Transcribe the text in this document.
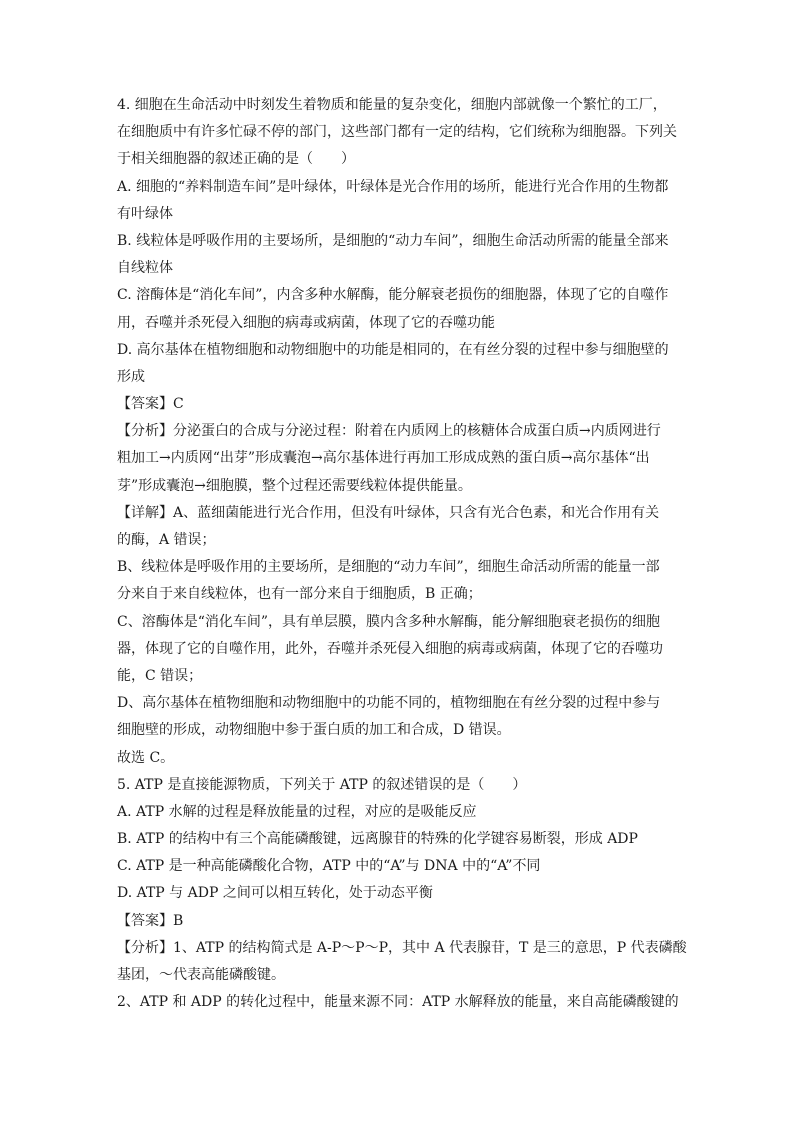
4. 细胞在生命活动中时刻发生着物质和能量的复杂变化，细胞内部就像一个繁忙的工厂，
在细胞质中有许多忙碌不停的部门，这些部门都有一定的结构，它们统称为细胞器。下列关
于相关细胞器的叙述正确的是（　　）
A. 细胞的“养料制造车间”是叶绿体，叶绿体是光合作用的场所，能进行光合作用的生物都
有叶绿体
B. 线粒体是呼吸作用的主要场所，是细胞的“动力车间”，细胞生命活动所需的能量全部来
自线粒体
C. 溶酶体是“消化车间”，内含多种水解酶，能分解衰老损伤的细胞器，体现了它的自噬作
用，吞噬并杀死侵入细胞的病毒或病菌，体现了它的吞噬功能
D. 高尔基体在植物细胞和动物细胞中的功能是相同的，在有丝分裂的过程中参与细胞壁的
形成
【答案】C
【分析】分泌蛋白的合成与分泌过程：附着在内质网上的核糖体合成蛋白质→内质网进行
粗加工→内质网“出芽”形成囊泡→高尔基体进行再加工形成成熟的蛋白质→高尔基体“出
芽”形成囊泡→细胞膜，整个过程还需要线粒体提供能量。
【详解】A、蓝细菌能进行光合作用，但没有叶绿体，只含有光合色素，和光合作用有关
的酶，A 错误；
B、线粒体是呼吸作用的主要场所，是细胞的“动力车间”，细胞生命活动所需的能量一部
分来自于来自线粒体，也有一部分来自于细胞质，B 正确；
C、溶酶体是“消化车间”，具有单层膜，膜内含多种水解酶，能分解细胞衰老损伤的细胞
器，体现了它的自噬作用，此外，吞噬并杀死侵入细胞的病毒或病菌，体现了它的吞噬功
能，C 错误；
D、高尔基体在植物细胞和动物细胞中的功能不同的，植物细胞在有丝分裂的过程中参与
细胞壁的形成，动物细胞中参于蛋白质的加工和合成，D 错误。
故选 C。
5. ATP 是直接能源物质，下列关于 ATP 的叙述错误的是（　　）
A. ATP 水解的过程是释放能量的过程，对应的是吸能反应
B. ATP 的结构中有三个高能磷酸键，远离腺苷的特殊的化学键容易断裂，形成 ADP
C. ATP 是一种高能磷酸化合物，ATP 中的“A”与 DNA 中的“A”不同
D. ATP 与 ADP 之间可以相互转化，处于动态平衡
【答案】B
【分析】1、ATP 的结构简式是 A-P～P～P，其中 A 代表腺苷，T 是三的意思，P 代表磷酸
基团，～代表高能磷酸键。
2、ATP 和 ADP 的转化过程中，能量来源不同：ATP 水解释放的能量，来自高能磷酸键的
